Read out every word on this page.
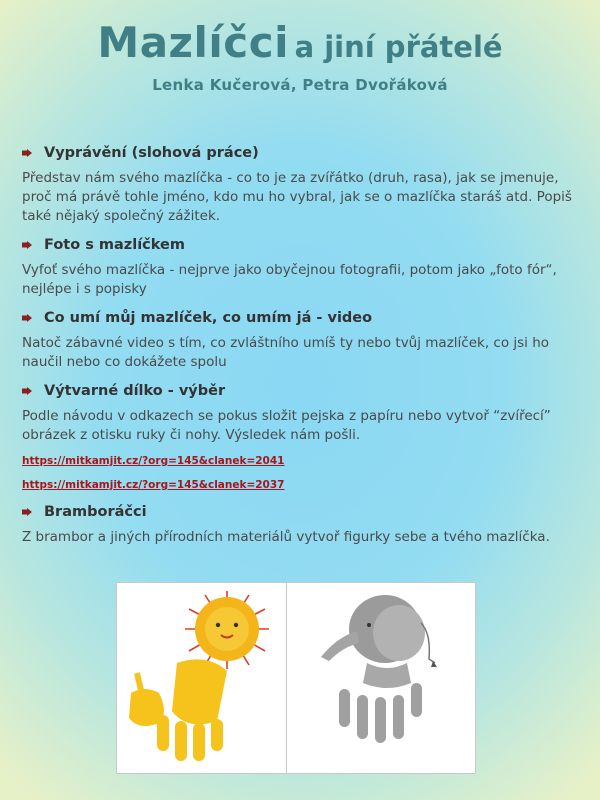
Mazlíčci a jiní přátelé
Lenka Kučerová, Petra Dvořáková
Vyprávění (slohová práce)

Představ nám svého mazlíčka - co to je za zvířátko (druh, rasa), jak se jmenuje, proč má právě tohle jméno, kdo mu ho vybral, jak se o mazlíčka staráš atd. Popiš také nějaký společný zážitek.

Foto s mazlíčkem

Vyfoť svého mazlíčka - nejprve jako obyčejnou fotografii, potom jako „foto fór“, nejlépe i s popisky

Co umí můj mazlíček, co umím já - video

Natoč zábavné video s tím, co zvláštního umíš ty nebo tvůj mazlíček, co jsi ho naučil nebo co dokážete spolu

Výtvarné dílko - výběr

Podle návodu v odkazech se pokus složit pejska z papíru nebo vytvoř “zvířecí” obrázek z otisku ruky či nohy. Výsledek nám pošli.

https://mitkamjit.cz/?org=145&clanek=2041
https://mitkamjit.cz/?org=145&clanek=2037
Bramboráčci

Z brambor a jiných přírodních materiálů vytvoř figurky sebe a tvého mazlíčka.
